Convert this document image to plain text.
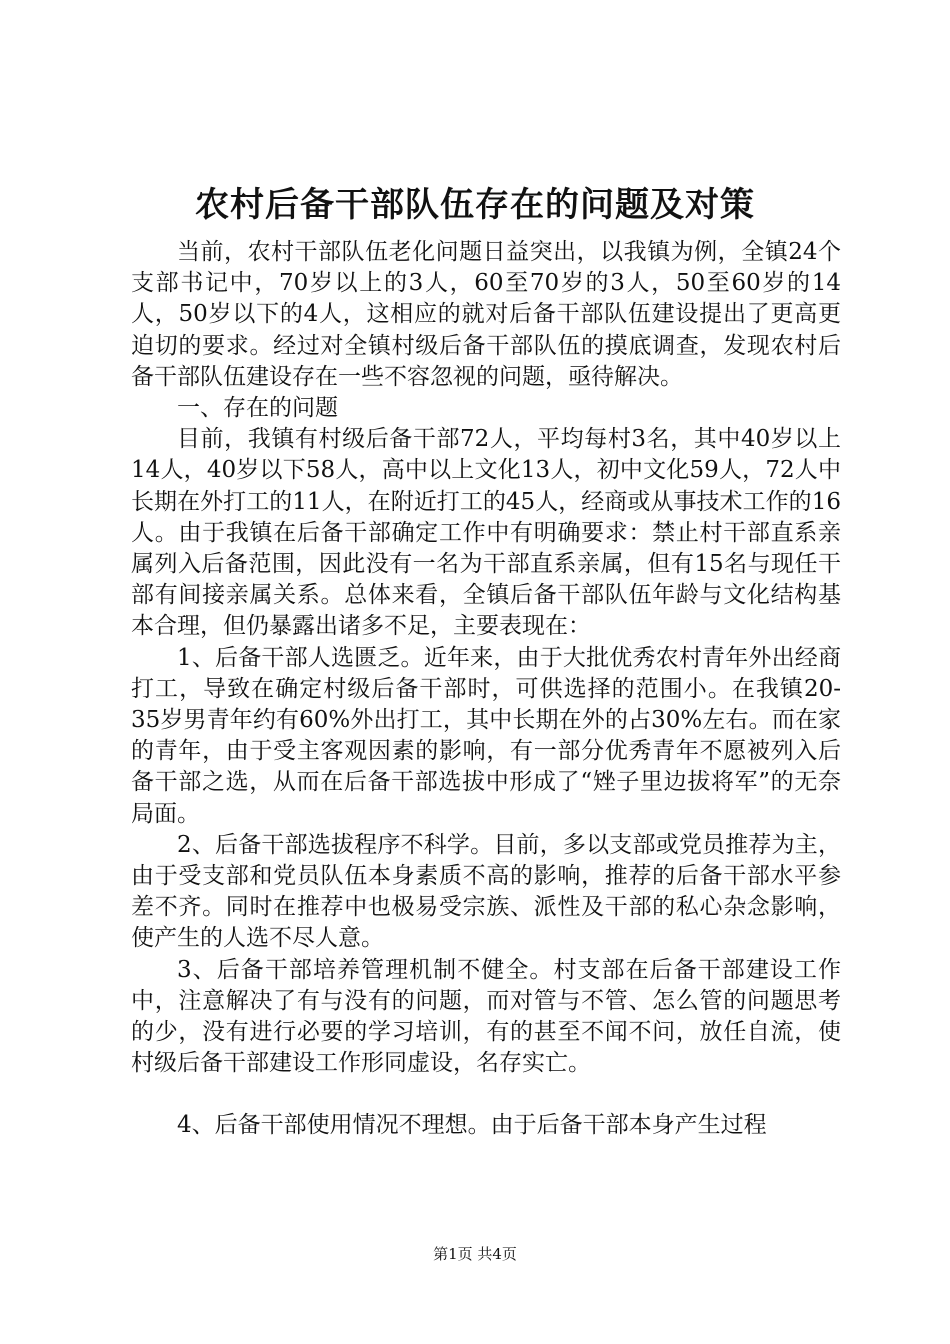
农村后备干部队伍存在的问题及对策

当前，农村干部队伍老化问题日益突出，以我镇为例，全镇24个支部书记中，70岁以上的3人，60至70岁的3人，50至60岁的14人，50岁以下的4人，这相应的就对后备干部队伍建设提出了更高更迫切的要求。经过对全镇村级后备干部队伍的摸底调查，发现农村后备干部队伍建设存在一些不容忽视的问题，亟待解决。

一、存在的问题

目前，我镇有村级后备干部72人，平均每村3名，其中40岁以上14人，40岁以下58人，高中以上文化13人，初中文化59人，72人中长期在外打工的11人，在附近打工的45人，经商或从事技术工作的16人。由于我镇在后备干部确定工作中有明确要求：禁止村干部直系亲属列入后备范围，因此没有一名为干部直系亲属，但有15名与现任干部有间接亲属关系。总体来看，全镇后备干部队伍年龄与文化结构基本合理，但仍暴露出诸多不足，主要表现在：

1、后备干部人选匮乏。近年来，由于大批优秀农村青年外出经商打工，导致在确定村级后备干部时，可供选择的范围小。在我镇20-35岁男青年约有60%外出打工，其中长期在外的占30%左右。而在家的青年，由于受主客观因素的影响，有一部分优秀青年不愿被列入后备干部之选，从而在后备干部选拔中形成了“矬子里边拔将军”的无奈局面。

2、后备干部选拔程序不科学。目前，多以支部或党员推荐为主，由于受支部和党员队伍本身素质不高的影响，推荐的后备干部水平参差不齐。同时在推荐中也极易受宗族、派性及干部的私心杂念影响，使产生的人选不尽人意。

3、后备干部培养管理机制不健全。村支部在后备干部建设工作中，注意解决了有与没有的问题，而对管与不管、怎么管的问题思考的少，没有进行必要的学习培训，有的甚至不闻不问，放任自流，使村级后备干部建设工作形同虚设，名存实亡。

4、后备干部使用情况不理想。由于后备干部本身产生过程

第1页 共4页
